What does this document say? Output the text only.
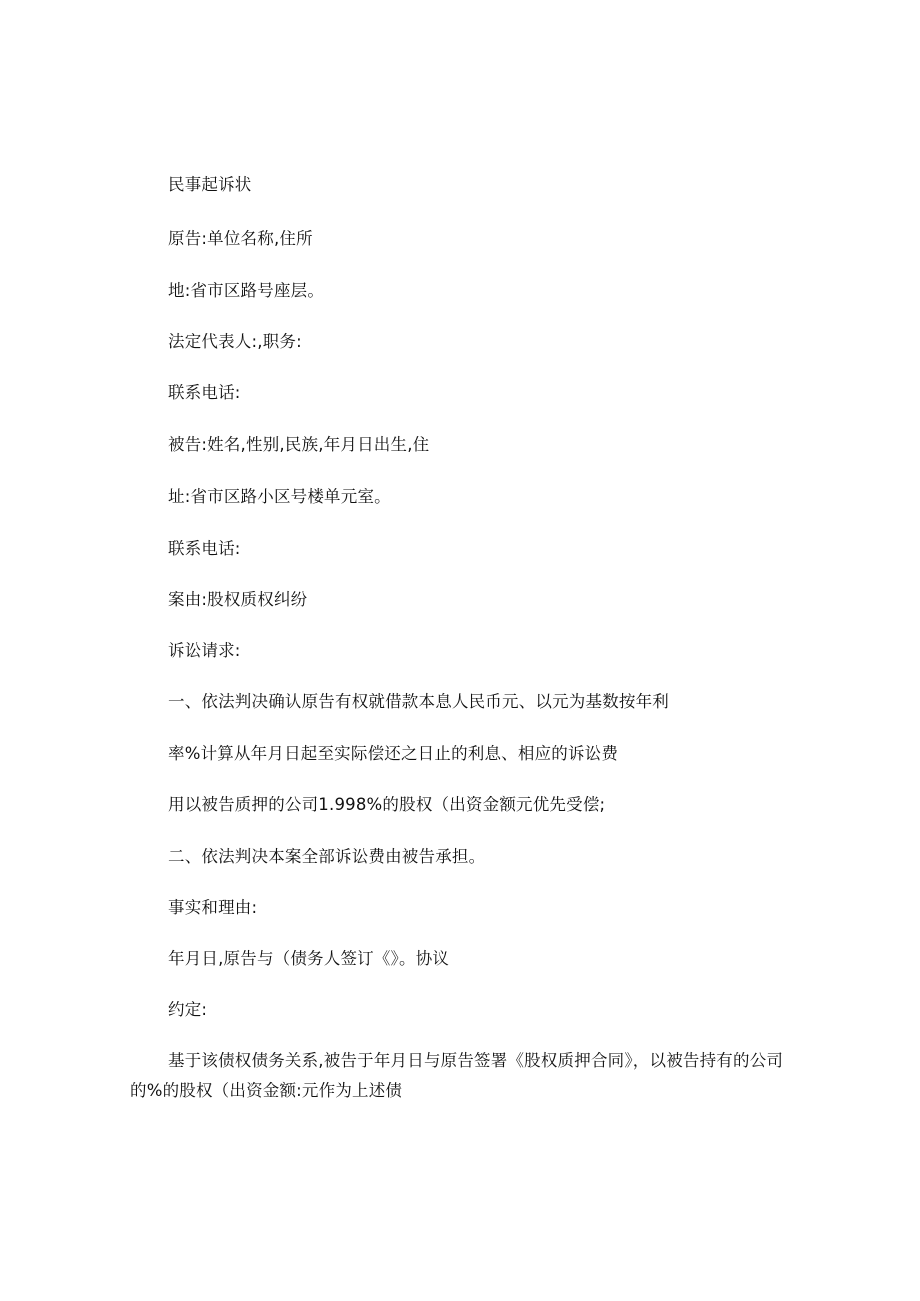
民事起诉状
原告:单位名称,住所
地:省市区路号座层。
法定代表人:,职务:
联系电话:
被告:姓名,性别,民族,年月日出生,住
址:省市区路小区号楼单元室。
联系电话:
案由:股权质权纠纷
诉讼请求:
一、依法判决确认原告有权就借款本息人民币元、以元为基数按年利
率%计算从年月日起至实际偿还之日止的利息、相应的诉讼费
用以被告质押的公司1.998%的股权（出资金额元优先受偿;
二、依法判决本案全部诉讼费由被告承担。
事实和理由:
年月日,原告与（债务人签订《》。协议
约定:
基于该债权债务关系,被告于年月日与原告签署《股权质押合同》，以被告持有的公司的%的股权（出资金额:元作为上述债
